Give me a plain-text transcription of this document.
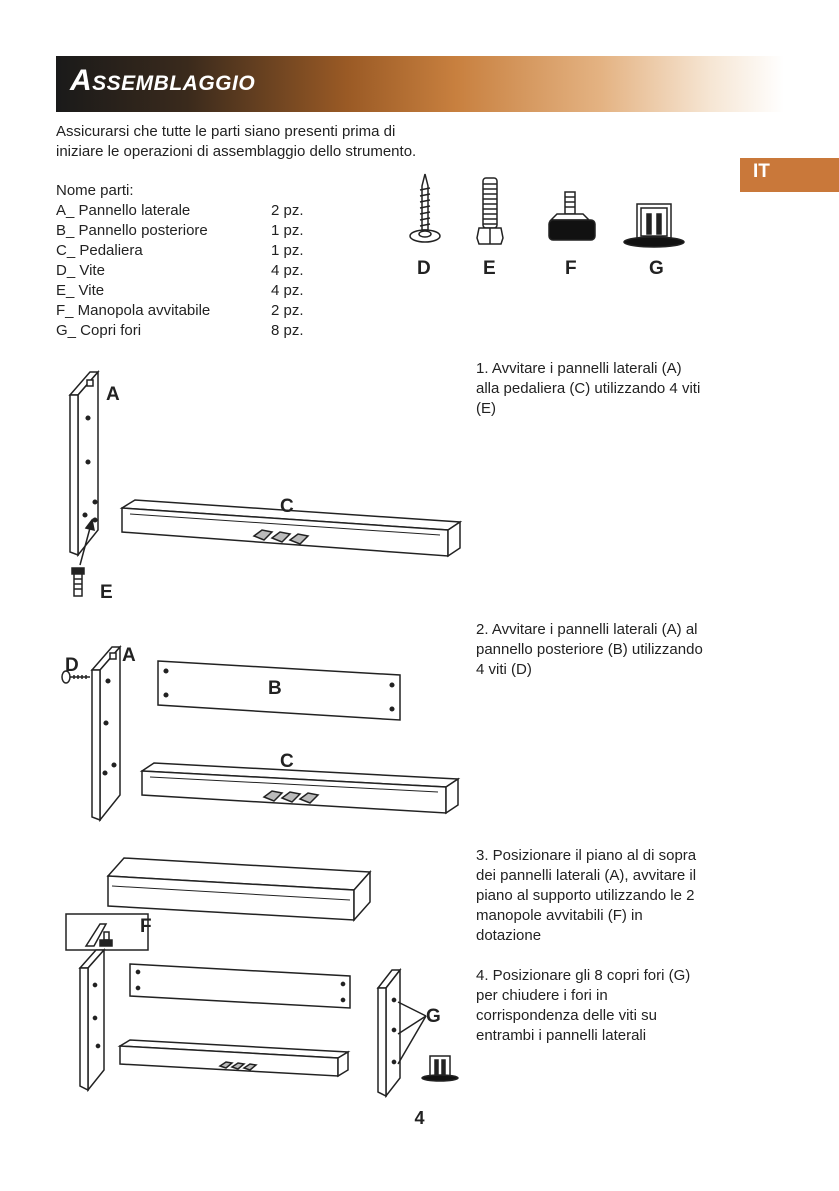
Assemblaggio
IT
Assicurarsi che tutte le parti siano presenti prima di
iniziare le operazioni di assemblaggio dello strumento.
Nome parti:
A_ Pannello laterale	2 pz.
B_ Pannello posteriore	1 pz.
C_ Pedaliera	1 pz.
D_ Vite	4 pz.
E_ Vite	4 pz.
F_ Manopola avvitabile	2 pz.
G_ Copri fori	8 pz.
D	E	F	G
A
C
E
D A
B
C
F
G
1. Avvitare i pannelli laterali (A)
alla pedaliera (C) utilizzando 4 viti
(E)
2. Avvitare i pannelli laterali (A) al
pannello posteriore (B) utilizzando
4 viti (D)
3. Posizionare il piano al di sopra
dei pannelli laterali (A), avvitare il
piano al supporto utilizzando le 2
manopole avvitabili (F) in
dotazione
4. Posizionare gli 8 copri fori (G)
per chiudere i fori in
corrispondenza delle viti su
entrambi i pannelli laterali
4
